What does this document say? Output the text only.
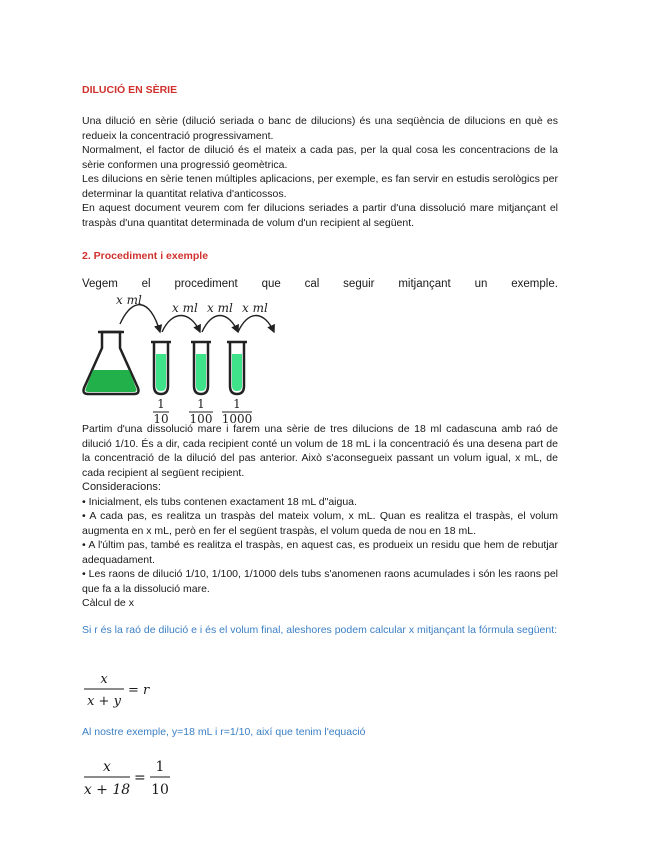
DILUCIÓ EN SÈRIE

Una dilució en sèrie (dilució seriada o banc de dilucions) és una seqüència de dilucions en què es redueix la concentració progressivament.

Normalment, el factor de dilució és el mateix a cada pas, per la qual cosa les concentracions de la sèrie conformen una progressió geomètrica.

Les dilucions en sèrie tenen múltiples aplicacions, per exemple, es fan servir en estudis serològics per determinar la quantitat relativa d'anticossos.

En aquest document veurem com fer dilucions seriades a partir d'una dissolució mare mitjançant el traspàs d'una quantitat determinada de volum d'un recipient al següent.

2. Procediment i exemple
Vegem el procediment que cal seguir mitjançant un exemple.
x ml
x ml x ml x ml
1
10
1
100
1
1000

Partim d'una dissolució mare i farem una sèrie de tres dilucions de 18 ml cadascuna amb raó de dilució 1/10. És a dir, cada recipient conté un volum de 18 mL i la concentració és una desena part de la concentració de la dilució del pas anterior. Això s'aconsegueix passant un volum igual, x mL, de cada recipient al següent recipient.

Consideracions:

• Inicialment, els tubs contenen exactament 18 mL d"aigua.

• A cada pas, es realitza un traspàs del mateix volum, x mL. Quan es realitza el traspàs, el volum augmenta en x mL, però en fer el següent traspàs, el volum queda de nou en 18 mL.

• A l'últim pas, també es realitza el traspàs, en aquest cas, es produeix un residu que hem de rebutjar adequadament.

• Les raons de dilució 1/10, 1/100, 1/1000 dels tubs s'anomenen raons acumulades i són les raons pel que fa a la dissolució mare.

Càlcul de x

Si r és la raó de dilució e i és el volum final, aleshores podem calcular x mitjançant la fórmula següent:

x
x + y
= r

Al nostre exemple, y=18 mL i r=1/10, així que tenim l'equació

x
x + 18
=
1
10
